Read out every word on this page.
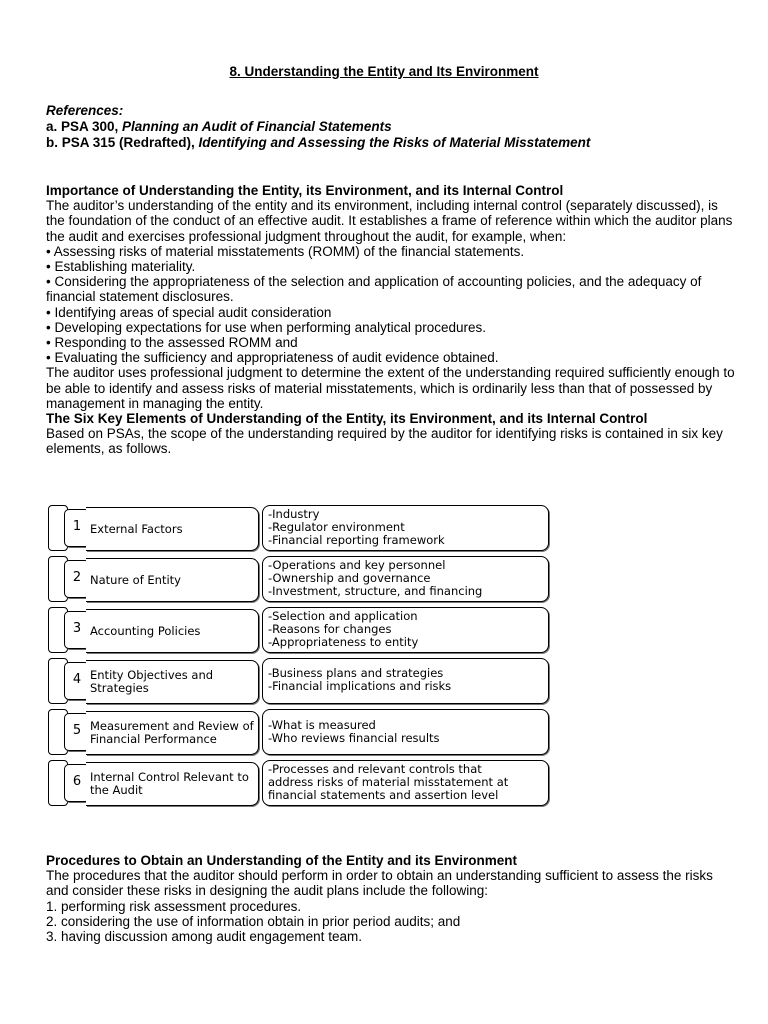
8. Understanding the Entity and Its Environment
References:
a. PSA 300, Planning an Audit of Financial Statements
b. PSA 315 (Redrafted), Identifying and Assessing the Risks of Material Misstatement

Importance of Understanding the Entity, its Environment, and its Internal Control

The auditor’s understanding of the entity and its environment, including internal control (separately discussed), is the foundation of the conduct of an effective audit. It establishes a frame of reference within which the auditor plans the audit and exercises professional judgment throughout the audit, for example, when:

• Assessing risks of material misstatements (ROMM) of the financial statements.

• Establishing materiality.

• Considering the appropriateness of the selection and application of accounting policies, and the adequacy of financial statement disclosures.

• Identifying areas of special audit consideration

• Developing expectations for use when performing analytical procedures.

• Responding to the assessed ROMM and

• Evaluating the sufficiency and appropriateness of audit evidence obtained.

The auditor uses professional judgment to determine the extent of the understanding required sufficiently enough to be able to identify and assess risks of material misstatements, which is ordinarily less than that of possessed by management in managing the entity.

The Six Key Elements of Understanding of the Entity, its Environment, and its Internal Control

Based on PSAs, the scope of the understanding required by the auditor for identifying risks is contained in six key elements, as follows.

1 External Factors
-Industry
-Regulator environment
-Financial reporting framework
2 Nature of Entity
-Operations and key personnel
-Ownership and governance
-Investment, structure, and financing
3 Accounting Policies
-Selection and application
-Reasons for changes
-Appropriateness to entity
4 Entity Objectives and Strategies
-Business plans and strategies
-Financial implications and risks
5 Measurement and Review of Financial Performance
-What is measured
-Who reviews financial results
6 Internal Control Relevant to the Audit
-Processes and relevant controls that
address risks of material misstatement at
financial statements and assertion level

Procedures to Obtain an Understanding of the Entity and its Environment

The procedures that the auditor should perform in order to obtain an understanding sufficient to assess the risks and consider these risks in designing the audit plans include the following:

1. performing risk assessment procedures.

2. considering the use of information obtain in prior period audits; and

3. having discussion among audit engagement team.
